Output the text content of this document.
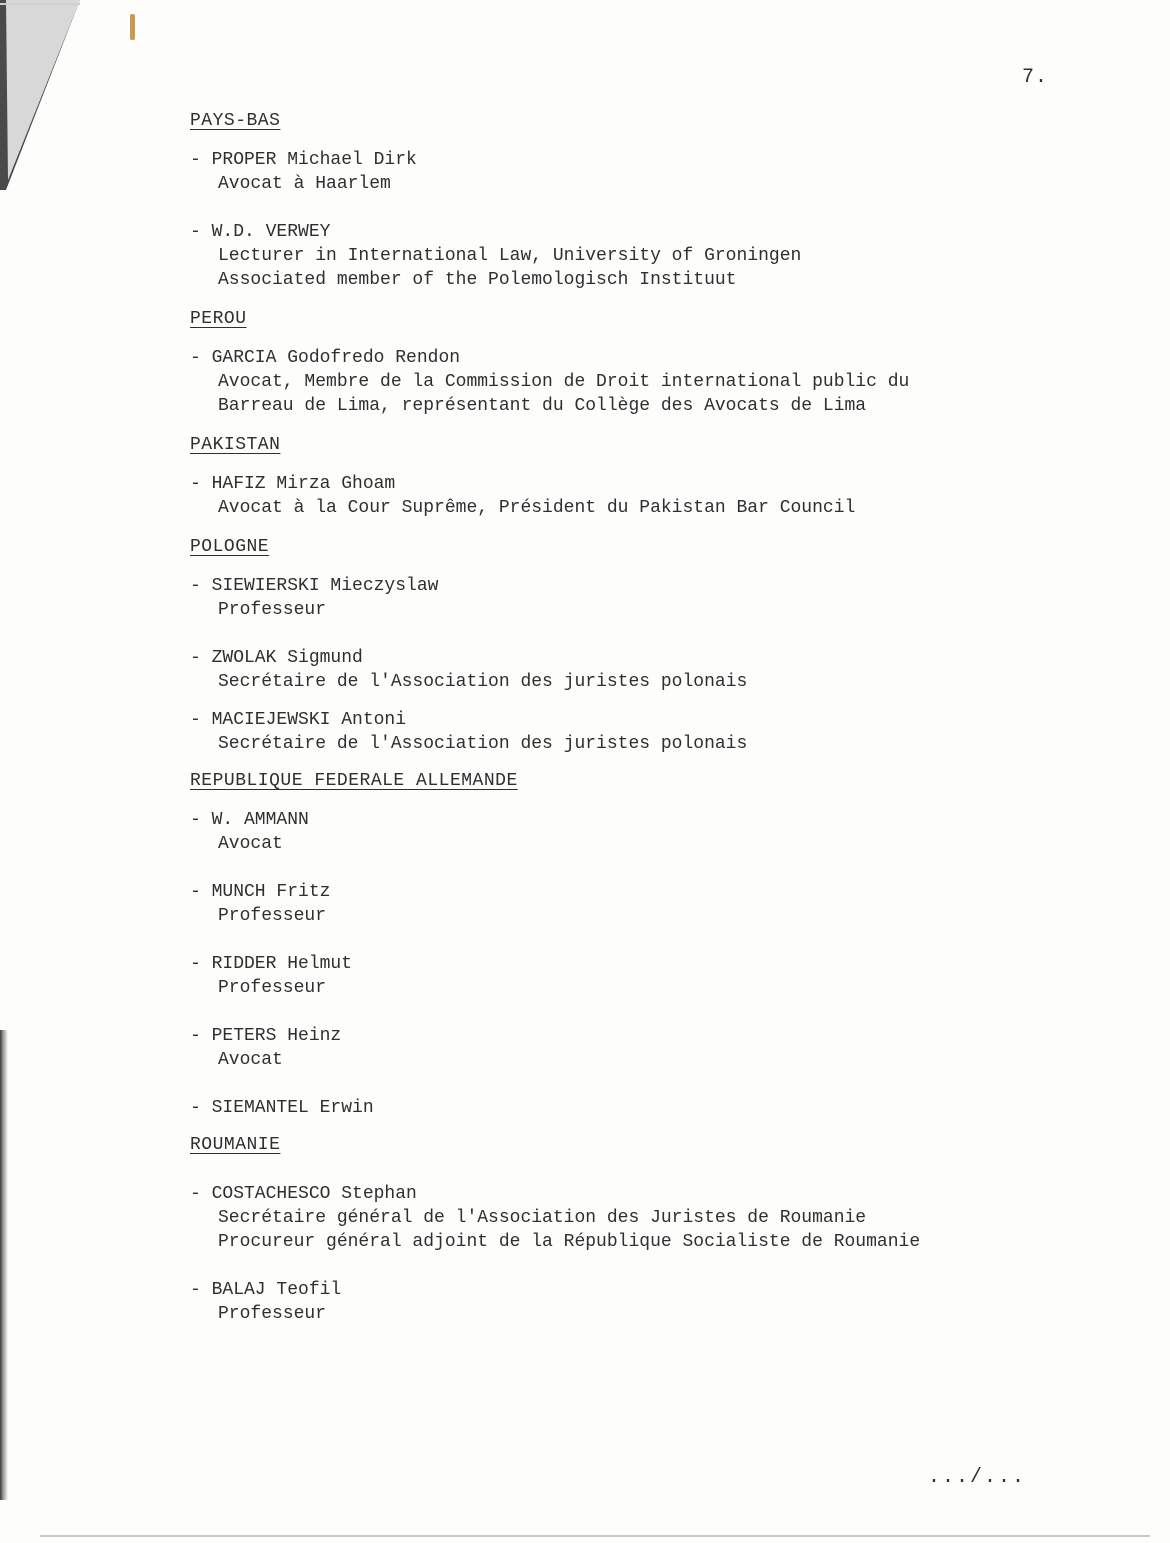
7.
PAYS-BAS
- PROPER Michael Dirk
Avocat à Haarlem
- W.D. VERWEY
Lecturer in International Law, University of Groningen
Associated member of the Polemologisch Instituut
PEROU
- GARCIA Godofredo Rendon
Avocat, Membre de la Commission de Droit international public du
Barreau de Lima, représentant du Collège des Avocats de Lima
PAKISTAN
- HAFIZ Mirza Ghoam
Avocat à la Cour Suprême, Président du Pakistan Bar Council
POLOGNE
- SIEWIERSKI Mieczyslaw
Professeur
- ZWOLAK Sigmund
Secrétaire de l'Association des juristes polonais
- MACIEJEWSKI Antoni
Secrétaire de l'Association des juristes polonais
REPUBLIQUE FEDERALE ALLEMANDE
- W. AMMANN
Avocat
- MUNCH Fritz
Professeur
- RIDDER Helmut
Professeur
- PETERS Heinz
Avocat
- SIEMANTEL Erwin
ROUMANIE
- COSTACHESCO Stephan
Secrétaire général de l'Association des Juristes de Roumanie
Procureur général adjoint de la République Socialiste de Roumanie
- BALAJ Teofil
Professeur
.../...
